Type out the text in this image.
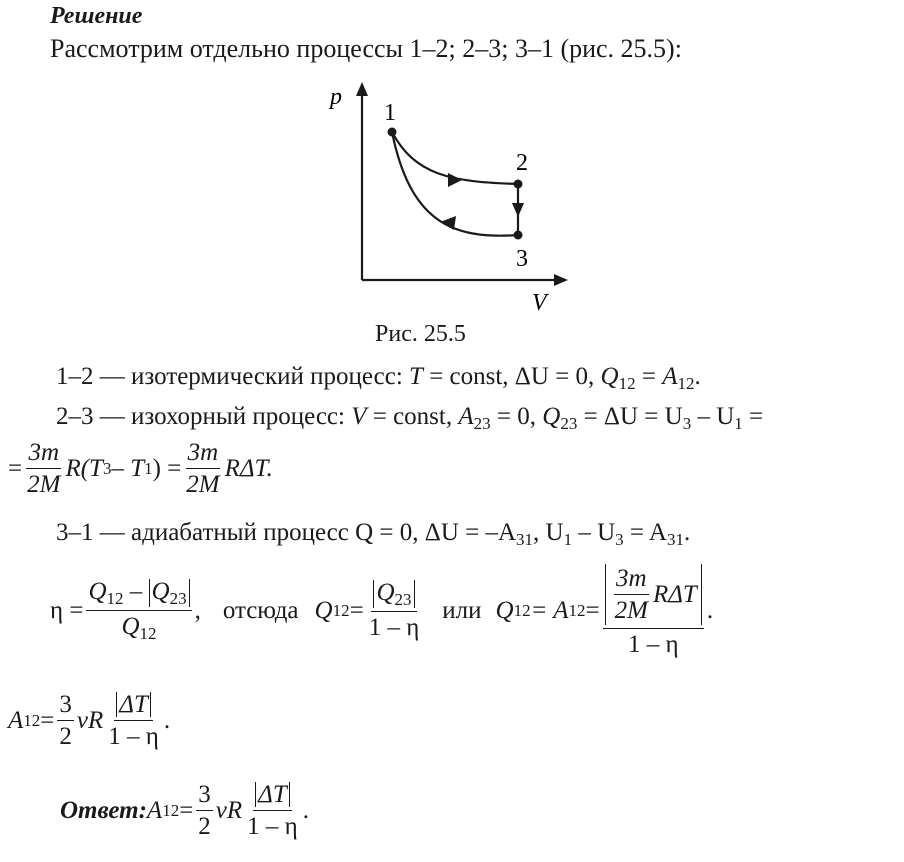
Решение
Рассмотрим отдельно процессы 1–2; 2–3; 3–1 (рис. 25.5):
p
V
1
2
3
Рис. 25.5
1–2 — изотермический процесс: T = const, ΔU = 0, $Q_{12} = A_{12}$.
2–3 — изохорный процесс: V = const, $A_{23} = 0$, $Q_{23} = \Delta U = U_3 - U_1$ =
= $\frac{3m}{2M} R(T$ 3 – T 1 ) = $\frac{3m}{2M} R\Delta T$.
3–1 — адиабатный процесс Q = 0, $\Delta U = -A_{31}$, $U_1 - U_3 = A_{31}$.
$\eta = \frac{Q_{12} - Q_{23}}{Q_{12}}$ , отсюда Q $12 = \frac{Q_{23}}{1 - \eta}$ или Q 12 = A $12 = \frac{\frac{3m}{2M} R\Delta T}{1 - \eta}$ .
A $12 = \frac{3}{2}$ νR $\frac{\Delta T}{1 - \eta}$ .
Ответ: A $12 = \frac{3}{2}$ νR $\frac{\Delta T}{1 - \eta}$ .
